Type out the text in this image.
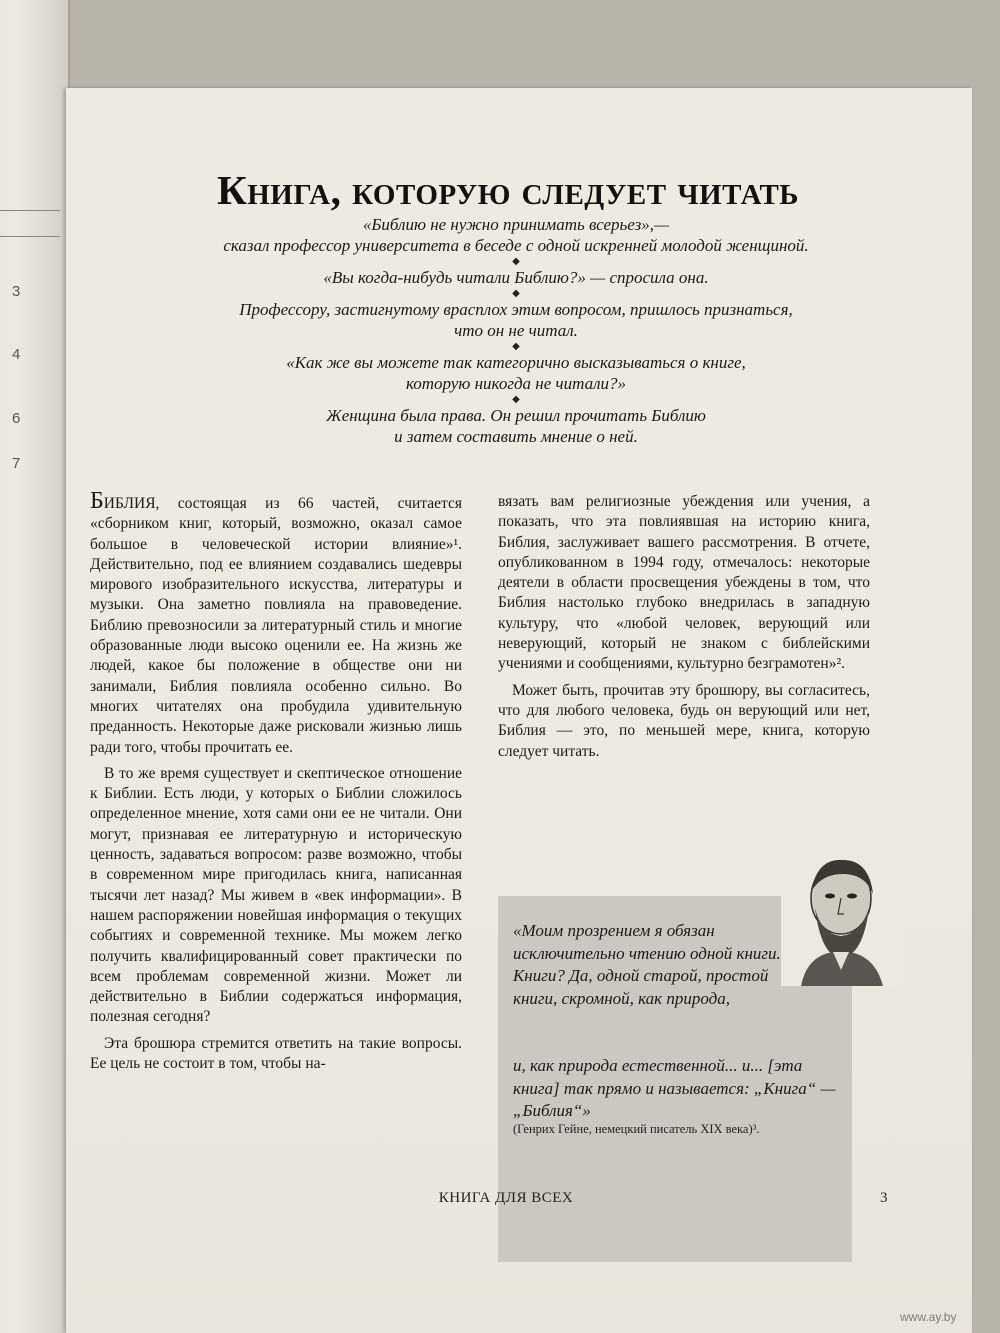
3
4
6
7
Книга, которую следует читать

«Библию не нужно принимать всерьез»,—

сказал профессор университета в беседе с одной искренней молодой женщиной.

◆

«Вы когда-нибудь читали Библию?» — спросила она.

◆

Профессору, застигнутому врасплох этим вопросом, пришлось признаться,

что он не читал.

◆

«Как же вы можете так категорично высказываться о книге,

которую никогда не читали?»

◆

Женщина была права. Он решил прочитать Библию

и затем составить мнение о ней.

БИБЛИЯ, состоящая из 66 частей, считается «сборником книг, который, возможно, оказал самое большое в человеческой истории влияние»¹. Действительно, под ее влиянием создавались шедевры мирового изобразительного искусства, литературы и музыки. Она заметно повлияла на правоведение. Библию превозносили за литературный стиль и многие образованные люди высоко оценили ее. На жизнь же людей, какое бы положение в обществе они ни занимали, Библия повлияла особенно сильно. Во многих читателях она пробудила удивительную преданность. Некоторые даже рисковали жизнью лишь ради того, чтобы прочитать ее.

В то же время существует и скептическое отношение к Библии. Есть люди, у которых о Библии сложилось определенное мнение, хотя сами они ее не читали. Они могут, признавая ее литературную и историческую ценность, задаваться вопросом: разве возможно, чтобы в современном мире пригодилась книга, написанная тысячи лет назад? Мы живем в «век информации». В нашем распоряжении новейшая информация о текущих событиях и современной технике. Мы можем легко получить квалифицированный совет практически по всем проблемам современной жизни. Может ли действительно в Библии содержаться информация, полезная сегодня?

Эта брошюра стремится ответить на такие вопросы. Ее цель не состоит в том, чтобы на-

вязать вам религиозные убеждения или учения, а показать, что эта повлиявшая на историю книга, Библия, заслуживает вашего рассмотрения. В отчете, опубликованном в 1994 году, отмечалось: некоторые деятели в области просвещения убеждены в том, что Библия настолько глубоко внедрилась в западную культуру, что «любой человек, верующий или неверующий, который не знаком с библейскими учениями и сообщениями, культурно безграмотен»².

Может быть, прочитав эту брошюру, вы согласитесь, что для любого человека, будь он верующий или нет, Библия — это, по меньшей мере, книга, которую следует читать.

«Моим прозрением я обязан исключительно чтению одной книги. Книги? Да, одной старой, простой книги, скромной, как природа,
и, как природа естественной... и... [эта книга] так прямо и называется: „Книга“ — „Библия“»
(Генрих Гейне, немецкий писатель XIX века)³.
КНИГА ДЛЯ ВСЕХ	3
www.ay.by
